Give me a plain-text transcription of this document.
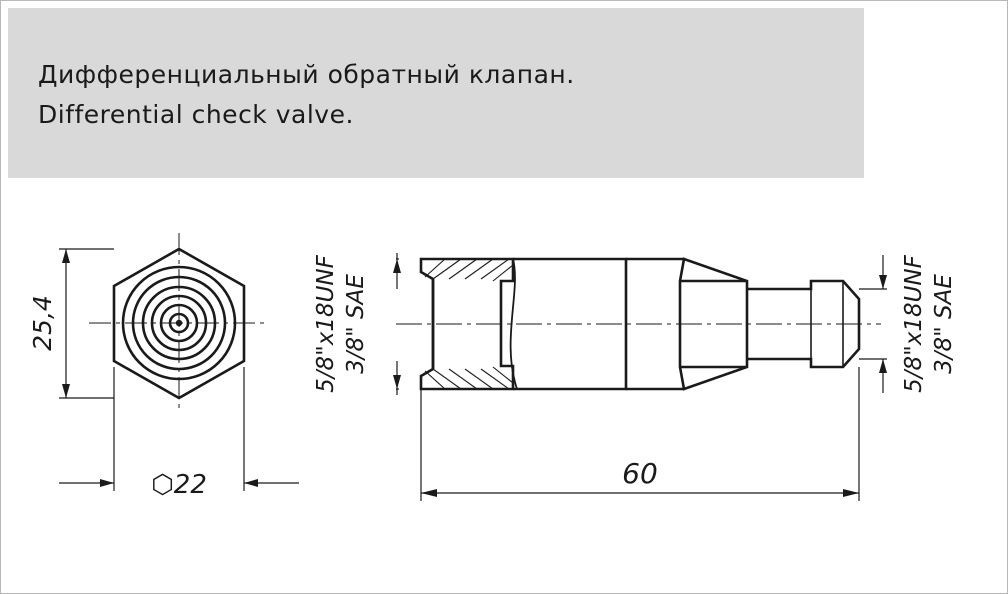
Дифференциальный обратный клапан.
Differential check valve.
25,4
⬡22
5/8"x18UNF 3/8" SAE	5/8"x18UNF 3/8" SAE
60
